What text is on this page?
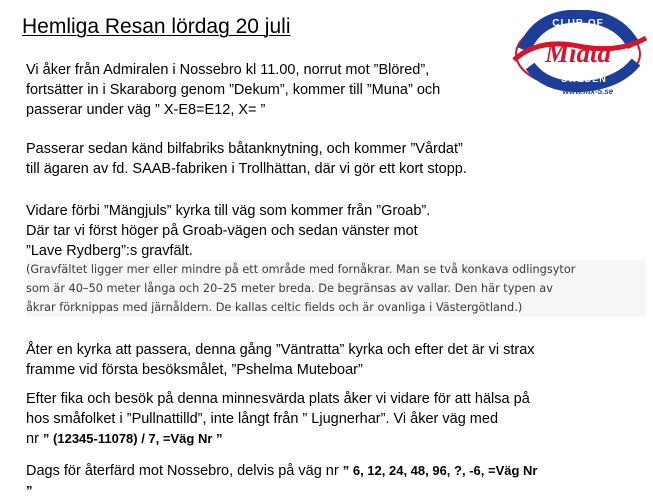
Hemliga Resan lördag 20 juli	CLUB OF
Miata
SWEDEN
www.mx-5.se
Vi åker från Admiralen i Nossebro kl 11.00, norrut mot ”Blöred”,
fortsätter in i Skaraborg genom ”Dekum”, kommer till ”Muna” och
passerar under väg ” X-E8=E12, X= ”
Passerar sedan känd bilfabriks båtanknytning, och kommer ”Vårdat”
till ägaren av fd. SAAB-fabriken i Trollhättan, där vi gör ett kort stopp.
Vidare förbi ”Mängjuls” kyrka till väg som kommer från ”Groab”.
Där tar vi först höger på Groab-vägen och sedan vänster mot
”Lave Rydberg”:s gravfält.
(Gravfältet ligger mer eller mindre på ett område med fornåkrar. Man se två konkava odlingsytor
som är 40–50 meter långa och 20–25 meter breda. De begränsas av vallar. Den här typen av
åkrar förknippas med järnåldern. De kallas celtic fields och är ovanliga i Västergötland.)
Åter en kyrka att passera, denna gång ”Väntratta” kyrka och efter det är vi strax
framme vid första besöksmålet, ”Pshelma Muteboar”
Efter fika och besök på denna minnesvärda plats åker vi vidare för att hälsa på
hos småfolket i ”Pullnattilld”, inte långt från ” Ljugnerhar”. Vi åker väg med
nr ” (12345-11078) / 7, =Väg Nr ”
Dags för återfärd mot Nossebro, delvis på väg nr ” 6, 12, 24, 48, 96, ?, -6, =Väg Nr
”
